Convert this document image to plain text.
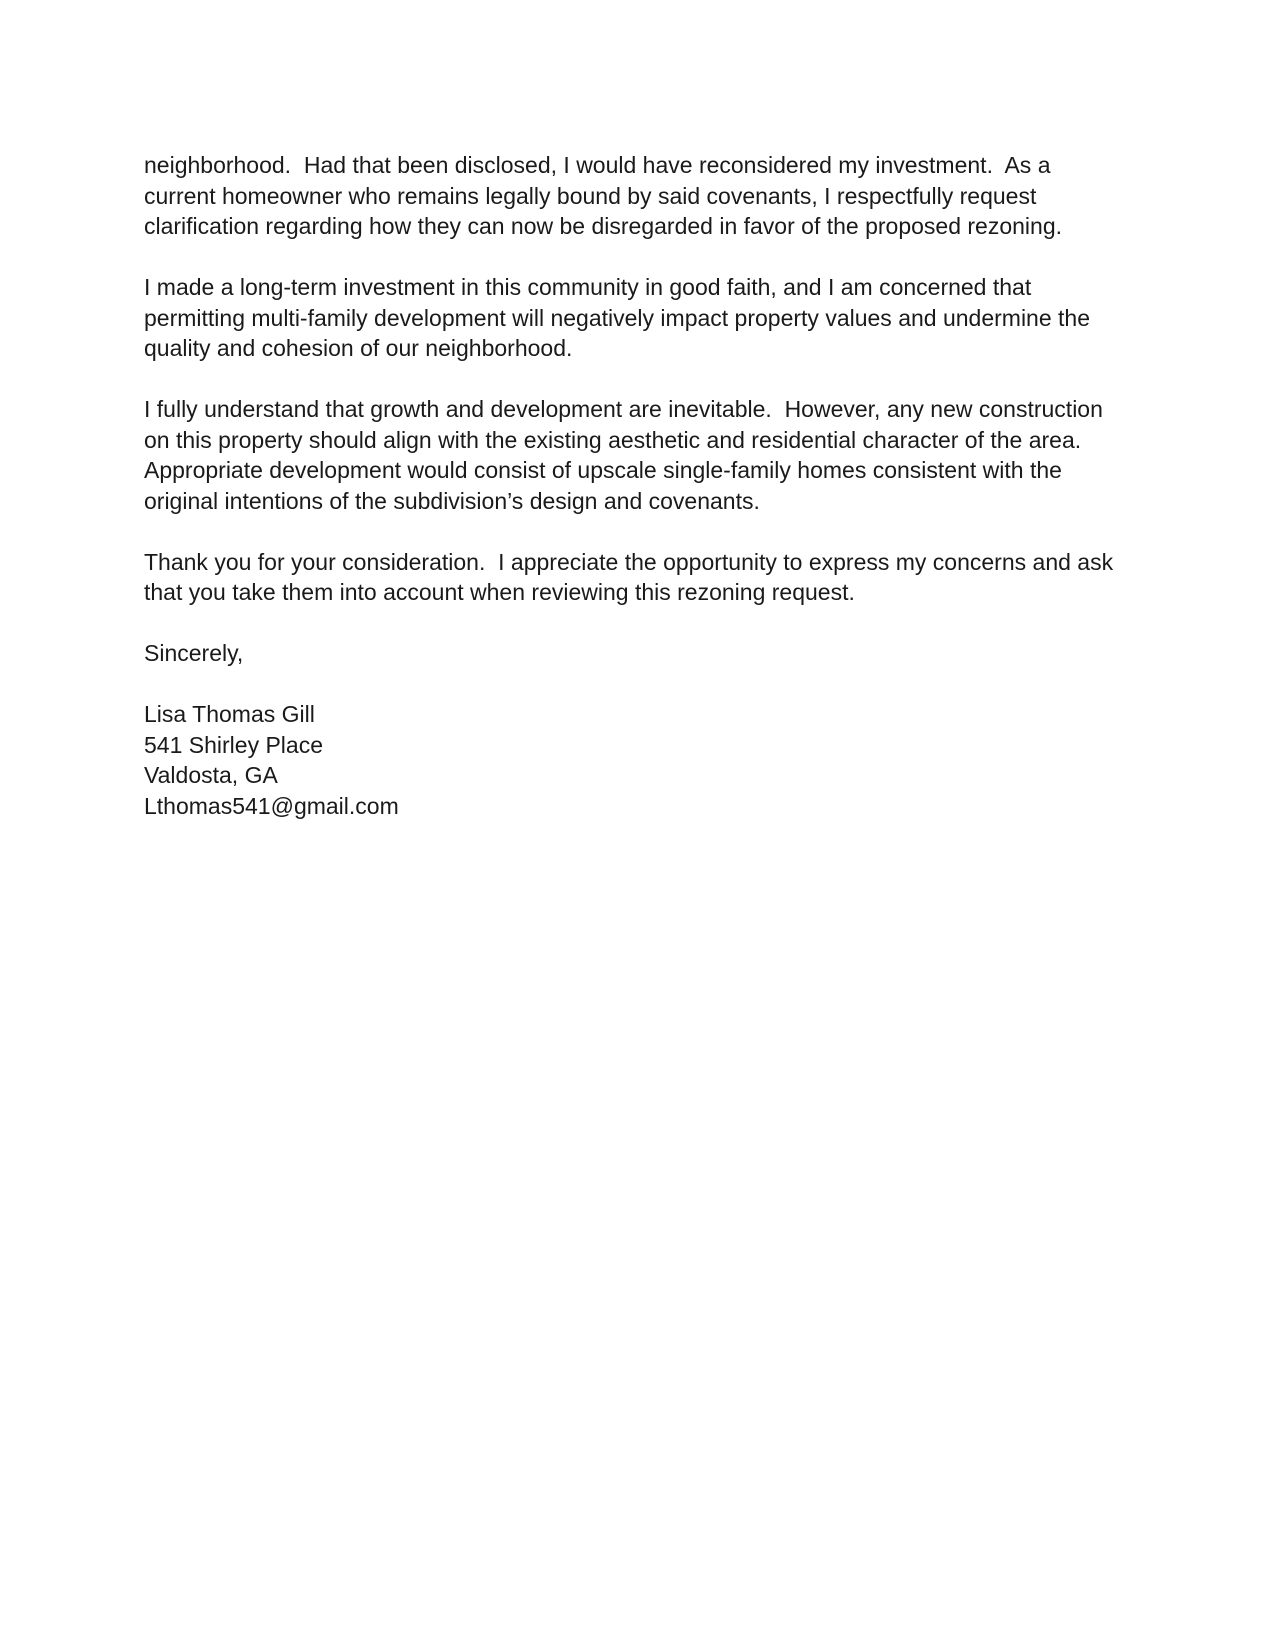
neighborhood.  Had that been disclosed, I would have reconsidered my investment.  As a current homeowner who remains legally bound by said covenants, I respectfully request clarification regarding how they can now be disregarded in favor of the proposed rezoning.

I made a long-term investment in this community in good faith, and I am concerned that permitting multi-family development will negatively impact property values and undermine the quality and cohesion of our neighborhood.

I fully understand that growth and development are inevitable.  However, any new construction on this property should align with the existing aesthetic and residential character of the area.  Appropriate development would consist of upscale single-family homes consistent with the original intentions of the subdivision’s design and covenants.

Thank you for your consideration.  I appreciate the opportunity to express my concerns and ask that you take them into account when reviewing this rezoning request.

Sincerely,

Lisa Thomas Gill

541 Shirley Place

Valdosta, GA

Lthomas541@gmail.com
